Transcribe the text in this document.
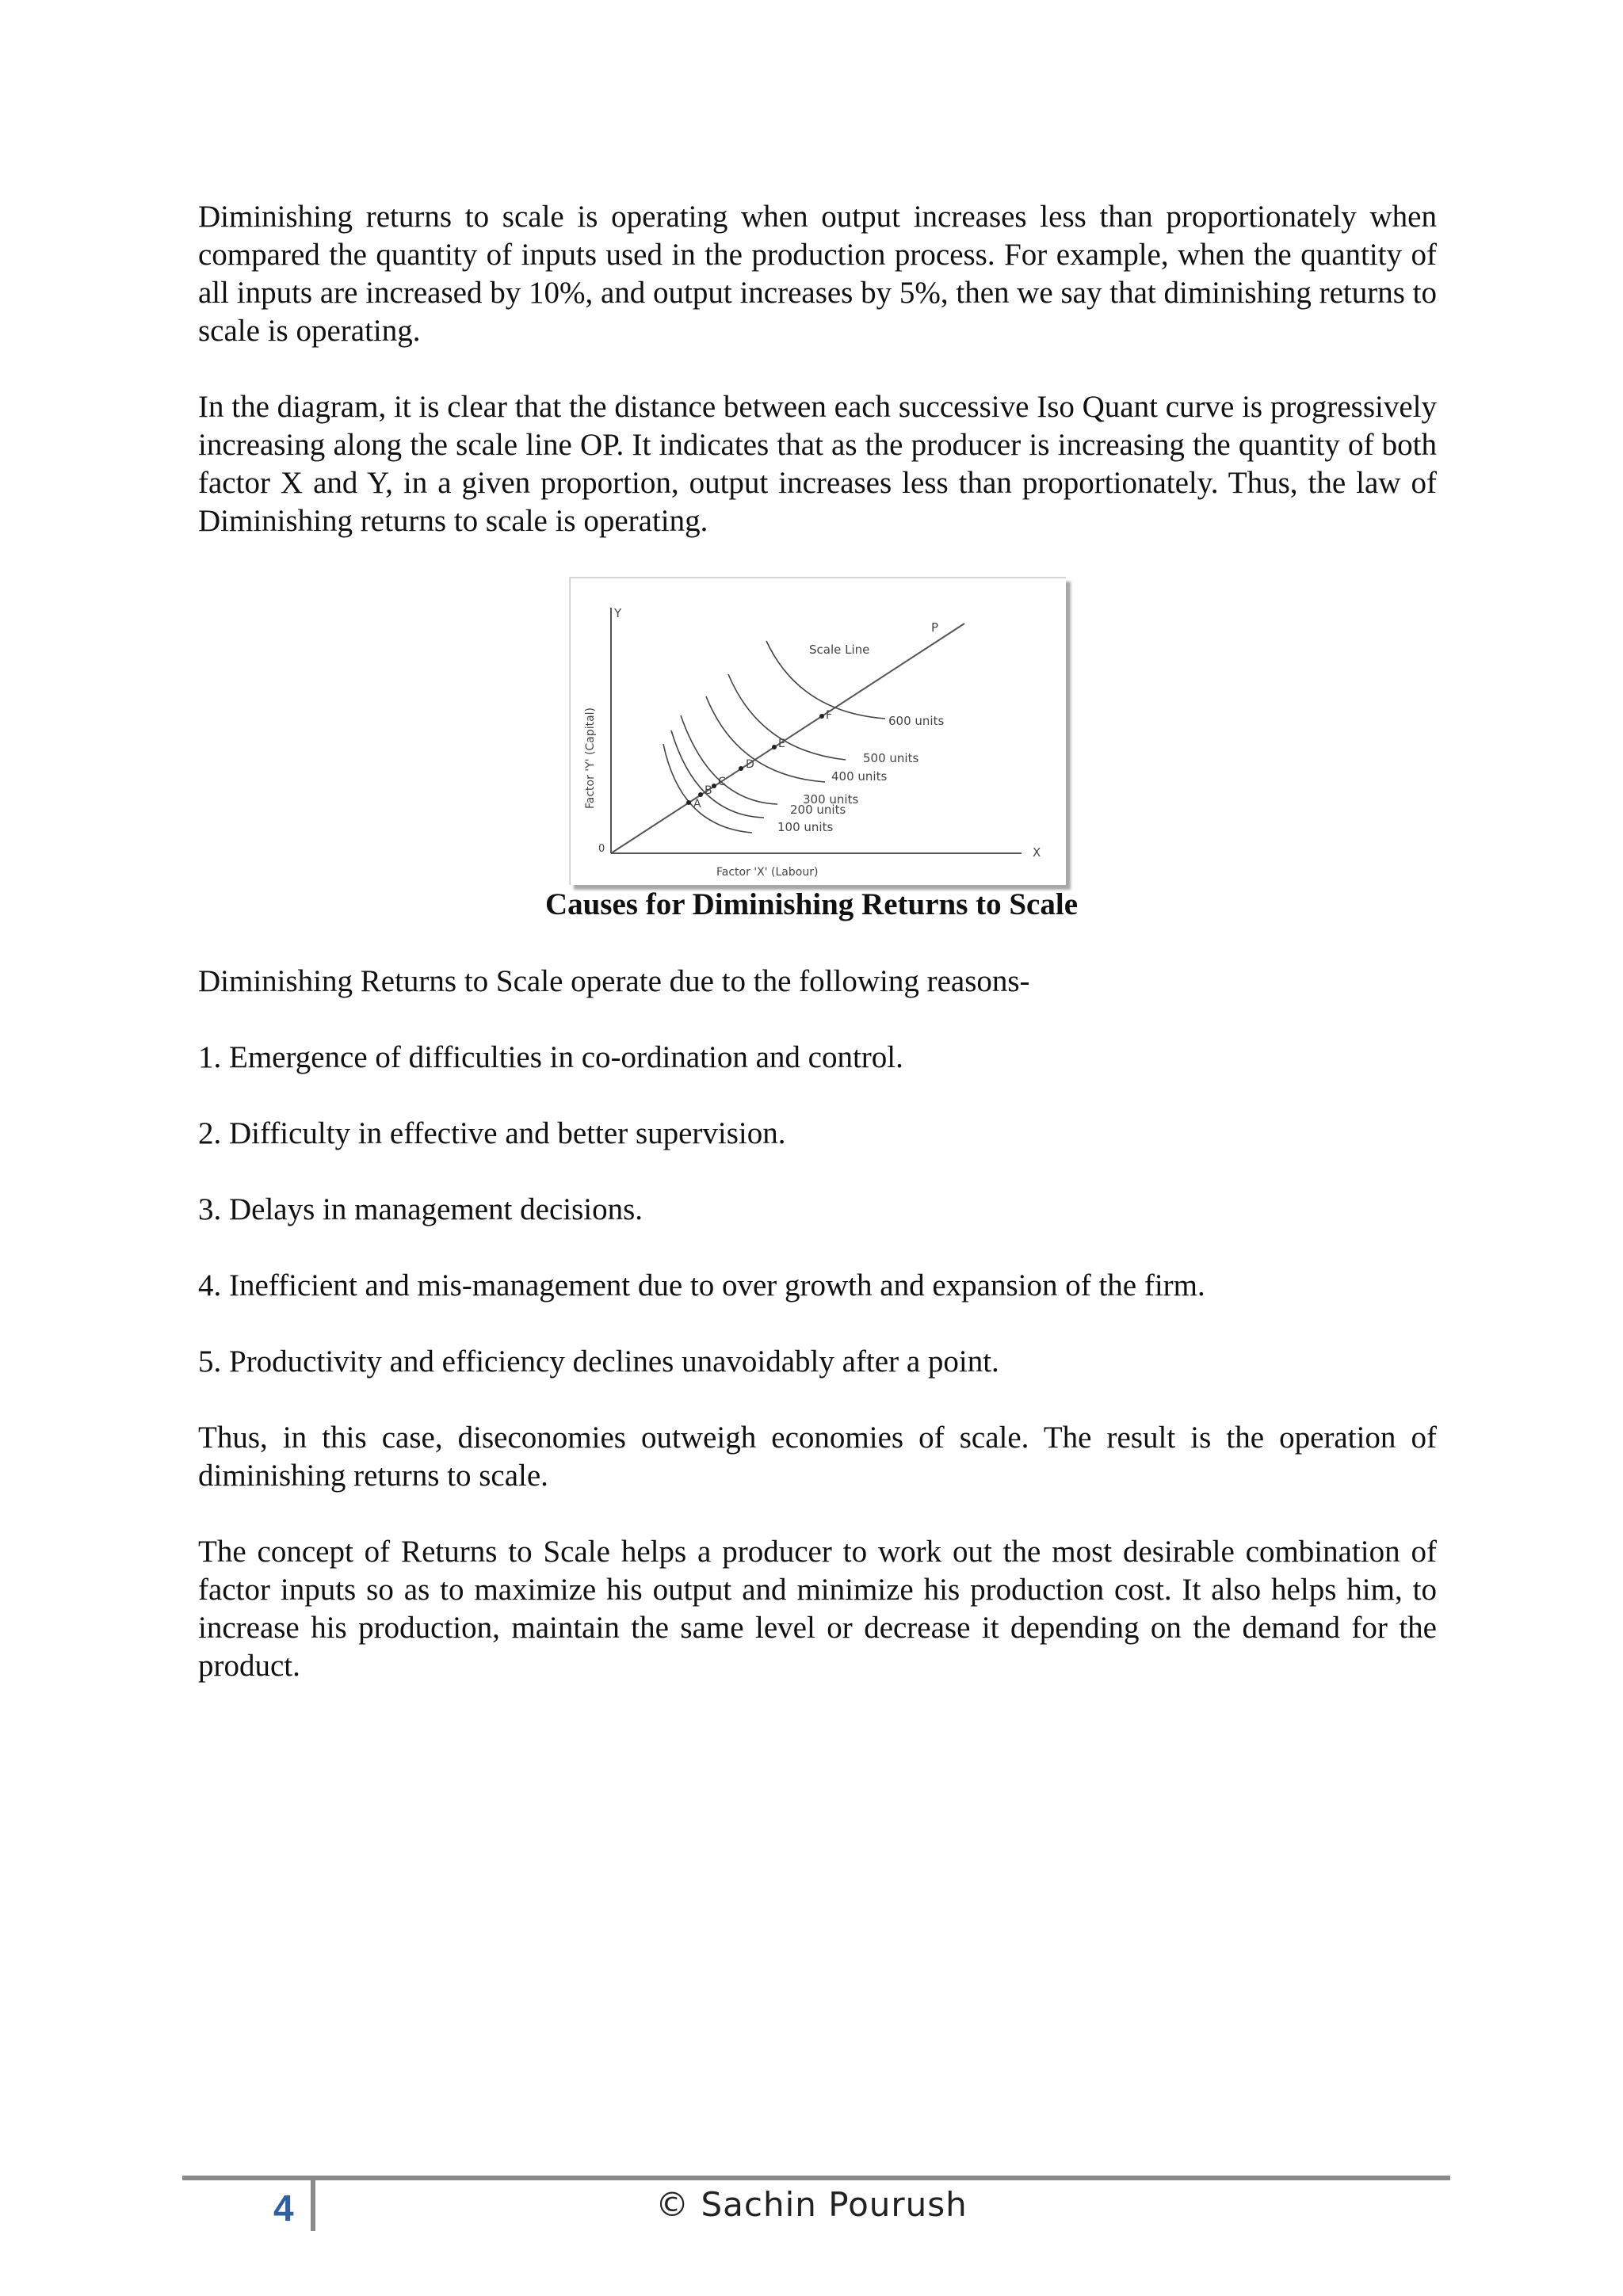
Diminishing returns to scale is operating when output increases less than proportionately when compared the quantity of inputs used in the production process. For example, when the quantity of all inputs are increased by 10%, and output increases by 5%, then we say that diminishing returns to scale is operating.

In the diagram, it is clear that the distance between each successive Iso Quant curve is progressively increasing along the scale line OP. It indicates that as the producer is increasing the quantity of both factor X and Y, in a given proportion, output increases less than proportionately. Thus, the law of Diminishing returns to scale is operating.

A
B
C
D
E
F
100 units
200 units
300 units
400 units
500 units
600 units
Y
X
0
P
Scale Line
Factor 'X' (Labour)
Factor 'Y' (Capital)

Causes for Diminishing Returns to Scale

Diminishing Returns to Scale operate due to the following reasons-

1. Emergence of difficulties in co-ordination and control.

2. Difficulty in effective and better supervision.

3. Delays in management decisions.

4. Inefficient and mis-management due to over growth and expansion of the firm.

5. Productivity and efficiency declines unavoidably after a point.

Thus, in this case, diseconomies outweigh economies of scale. The result is the operation of diminishing returns to scale.

The concept of Returns to Scale helps a producer to work out the most desirable combination of factor inputs so as to maximize his output and minimize his production cost. It also helps him, to increase his production, maintain the same level or decrease it depending on the demand for the product.

4	© Sachin Pourush
